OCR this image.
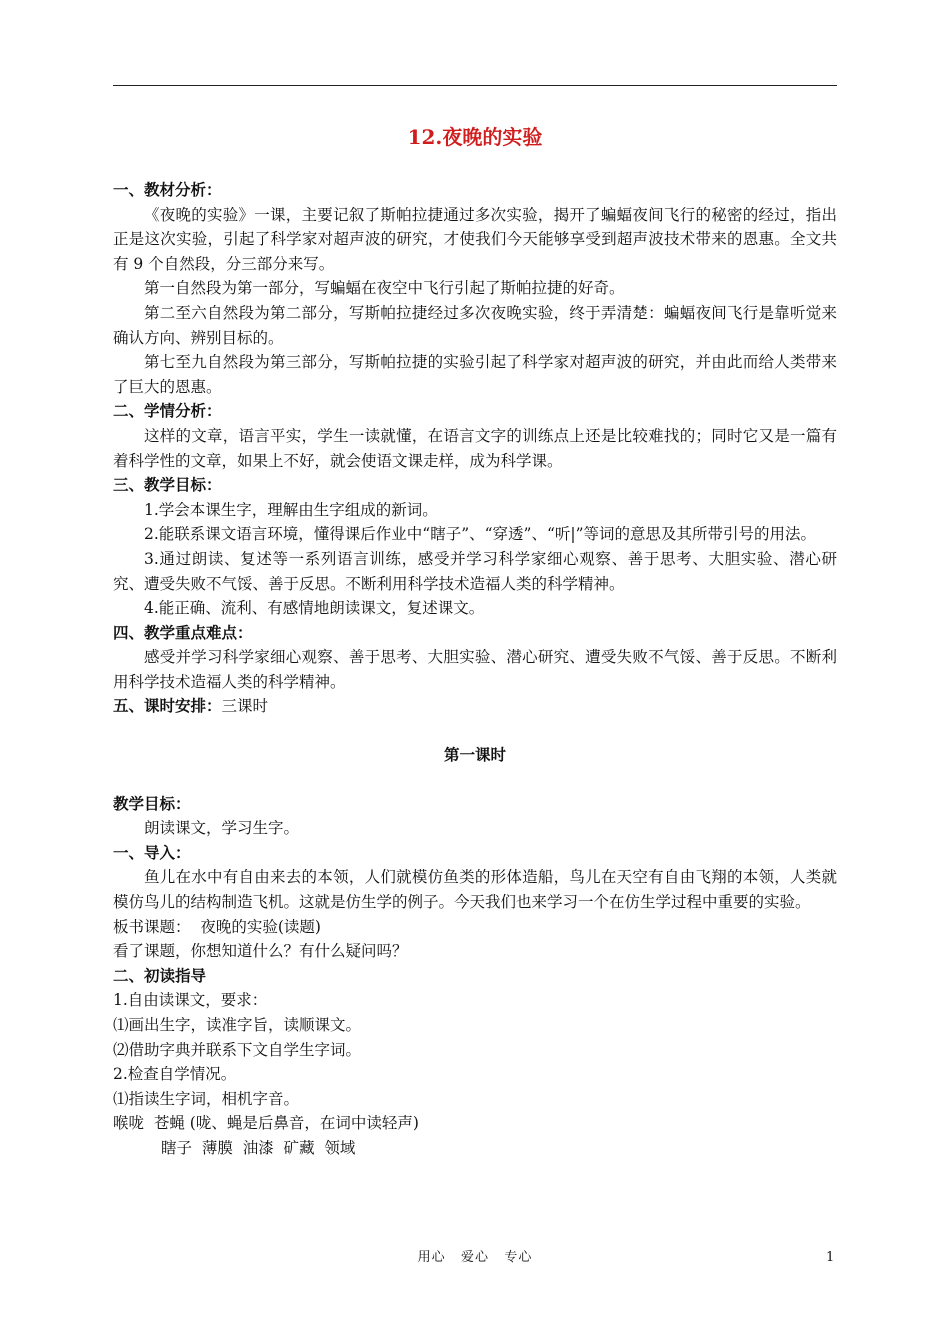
12.夜晚的实验

一、教材分析：

《夜晚的实验》一课，主要记叙了斯帕拉捷通过多次实验，揭开了蝙蝠夜间飞行的秘密的经过，指出正是这次实验，引起了科学家对超声波的研究，才使我们今天能够享受到超声波技术带来的恩惠。全文共有 9 个自然段，分三部分来写。

第一自然段为第一部分，写蝙蝠在夜空中飞行引起了斯帕拉捷的好奇。

第二至六自然段为第二部分，写斯帕拉捷经过多次夜晚实验，终于弄清楚：蝙蝠夜间飞行是靠听觉来确认方向、辨别目标的。

第七至九自然段为第三部分，写斯帕拉捷的实验引起了科学家对超声波的研究，并由此而给人类带来了巨大的恩惠。

二、学情分析：

这样的文章，语言平实，学生一读就懂，在语言文字的训练点上还是比较难找的；同时它又是一篇有着科学性的文章，如果上不好，就会使语文课走样，成为科学课。

三、教学目标：

1.学会本课生字，理解由生字组成的新词。

2.能联系课文语言环境，懂得课后作业中“瞎子”、“穿透”、“听|”等词的意思及其所带引号的用法。

3.通过朗读、复述等一系列语言训练，感受并学习科学家细心观察、善于思考、大胆实验、潜心研究、遭受失败不气馁、善于反思。不断利用科学技术造福人类的科学精神。

4.能正确、流利、有感情地朗读课文，复述课文。

四、教学重点难点：

感受并学习科学家细心观察、善于思考、大胆实验、潜心研究、遭受失败不气馁、善于反思。不断利用科学技术造福人类的科学精神。

五、课时安排：三课时

第一课时

教学目标：

朗读课文，学习生字。

一、导入：

鱼儿在水中有自由来去的本领，人们就模仿鱼类的形体造船，鸟儿在天空有自由飞翔的本领，人类就模仿鸟儿的结构制造飞机。这就是仿生学的例子。今天我们也来学习一个在仿生学过程中重要的实验。

板书课题：  夜晚的实验(读题)

看了课题，你想知道什么？有什么疑问吗？

二、初读指导

1.自由读课文，要求：

⑴画出生字，读准字旨，读顺课文。

⑵借助字典并联系下文自学生字词。

2.检查自学情况。

⑴指读生字词，相机字音。

喉咙  苍蝇 (咙、蝇是后鼻音，在词中读轻声)

瞎子  薄膜  油漆  矿藏  领域

用心   爱心   专心	1
